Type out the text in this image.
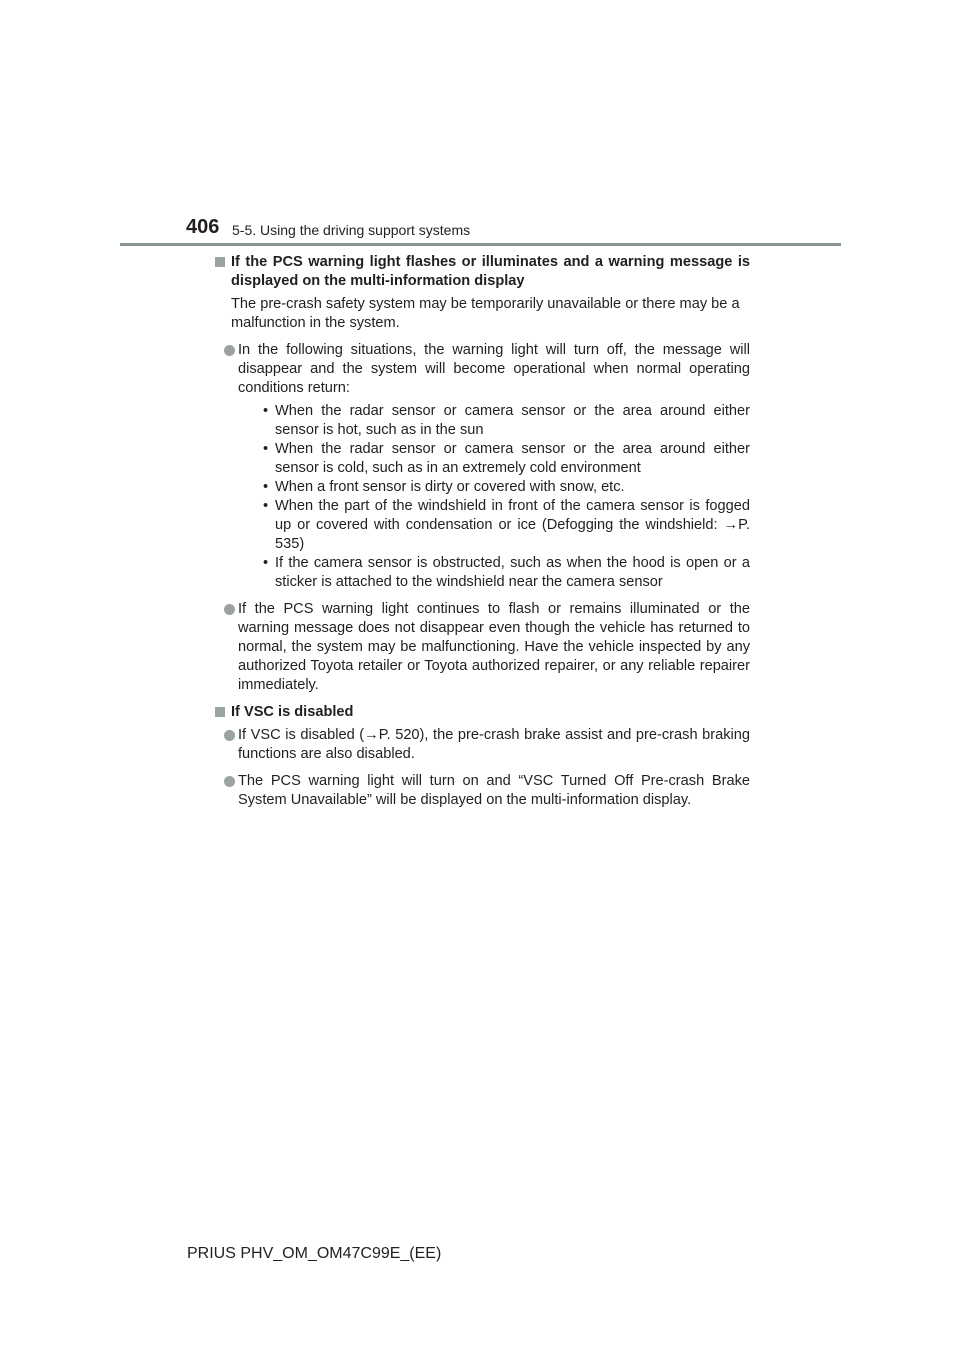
406 5-5. Using the driving support systems
If the PCS warning light flashes or illuminates and a warning message is displayed on the multi-information display
The pre-crash safety system may be temporarily unavailable or there may be a malfunction in the system.
In the following situations, the warning light will turn off, the message will disappear and the system will become operational when normal operating conditions return:
• When the radar sensor or camera sensor or the area around either sensor is hot, such as in the sun
• When the radar sensor or camera sensor or the area around either sensor is cold, such as in an extremely cold environment
• When a front sensor is dirty or covered with snow, etc.
• When the part of the windshield in front of the camera sensor is fogged up or covered with condensation or ice (Defogging the windshield: →P. 535)
• If the camera sensor is obstructed, such as when the hood is open or a sticker is attached to the windshield near the camera sensor
If the PCS warning light continues to flash or remains illuminated or the warning message does not disappear even though the vehicle has returned to normal, the system may be malfunctioning. Have the vehicle inspected by any authorized Toyota retailer or Toyota authorized repairer, or any reliable repairer immediately.
If VSC is disabled
If VSC is disabled (→P. 520), the pre-crash brake assist and pre-crash braking functions are also disabled.
The PCS warning light will turn on and “VSC Turned Off Pre-crash Brake System Unavailable” will be displayed on the multi-information display.
PRIUS PHV_OM_OM47C99E_(EE)
